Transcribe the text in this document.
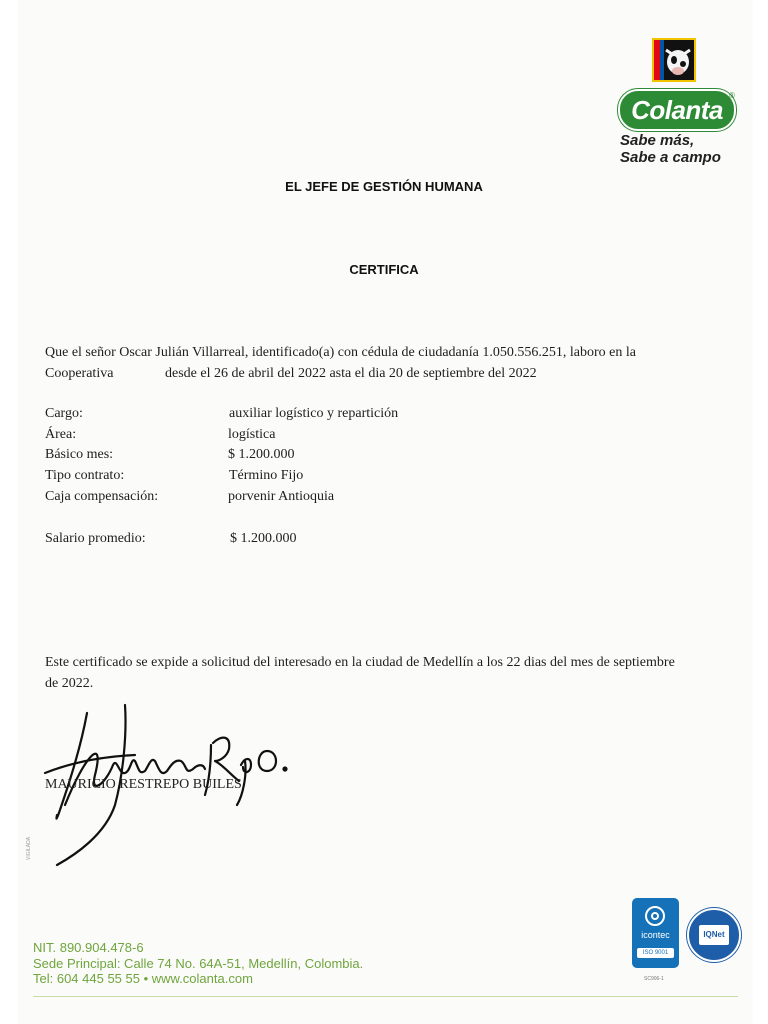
Colanta ®
Sabe más,
Sabe a campo
EL JEFE DE GESTIÓN HUMANA
CERTIFICA
Que el señor Oscar Julián Villarreal, identificado(a) con cédula de ciudadanía 1.050.556.251, laboro en la
Cooperativa	desde el 26 de abril del 2022 asta el dia 20 de septiembre del 2022
Cargo:	auxiliar logístico y repartición
Área:	logística
Básico mes:	$ 1.200.000
Tipo contrato:	Término Fijo
Caja compensación:	porvenir Antioquia
Salario promedio:	$ 1.200.000
Este certificado se expide a solicitud del interesado en la ciudad de Medellín a los 22 dias del mes de septiembre
de 2022.
MAURICIO RESTREPO BUILES
VIGILADA
NIT. 890.904.478-6
Sede Principal: Calle 74 No. 64A-51, Medellín, Colombia.
Tel: 604 445 55 55 • www.colanta.com
icontec
ISO 9001
SC906-1
IQNet
